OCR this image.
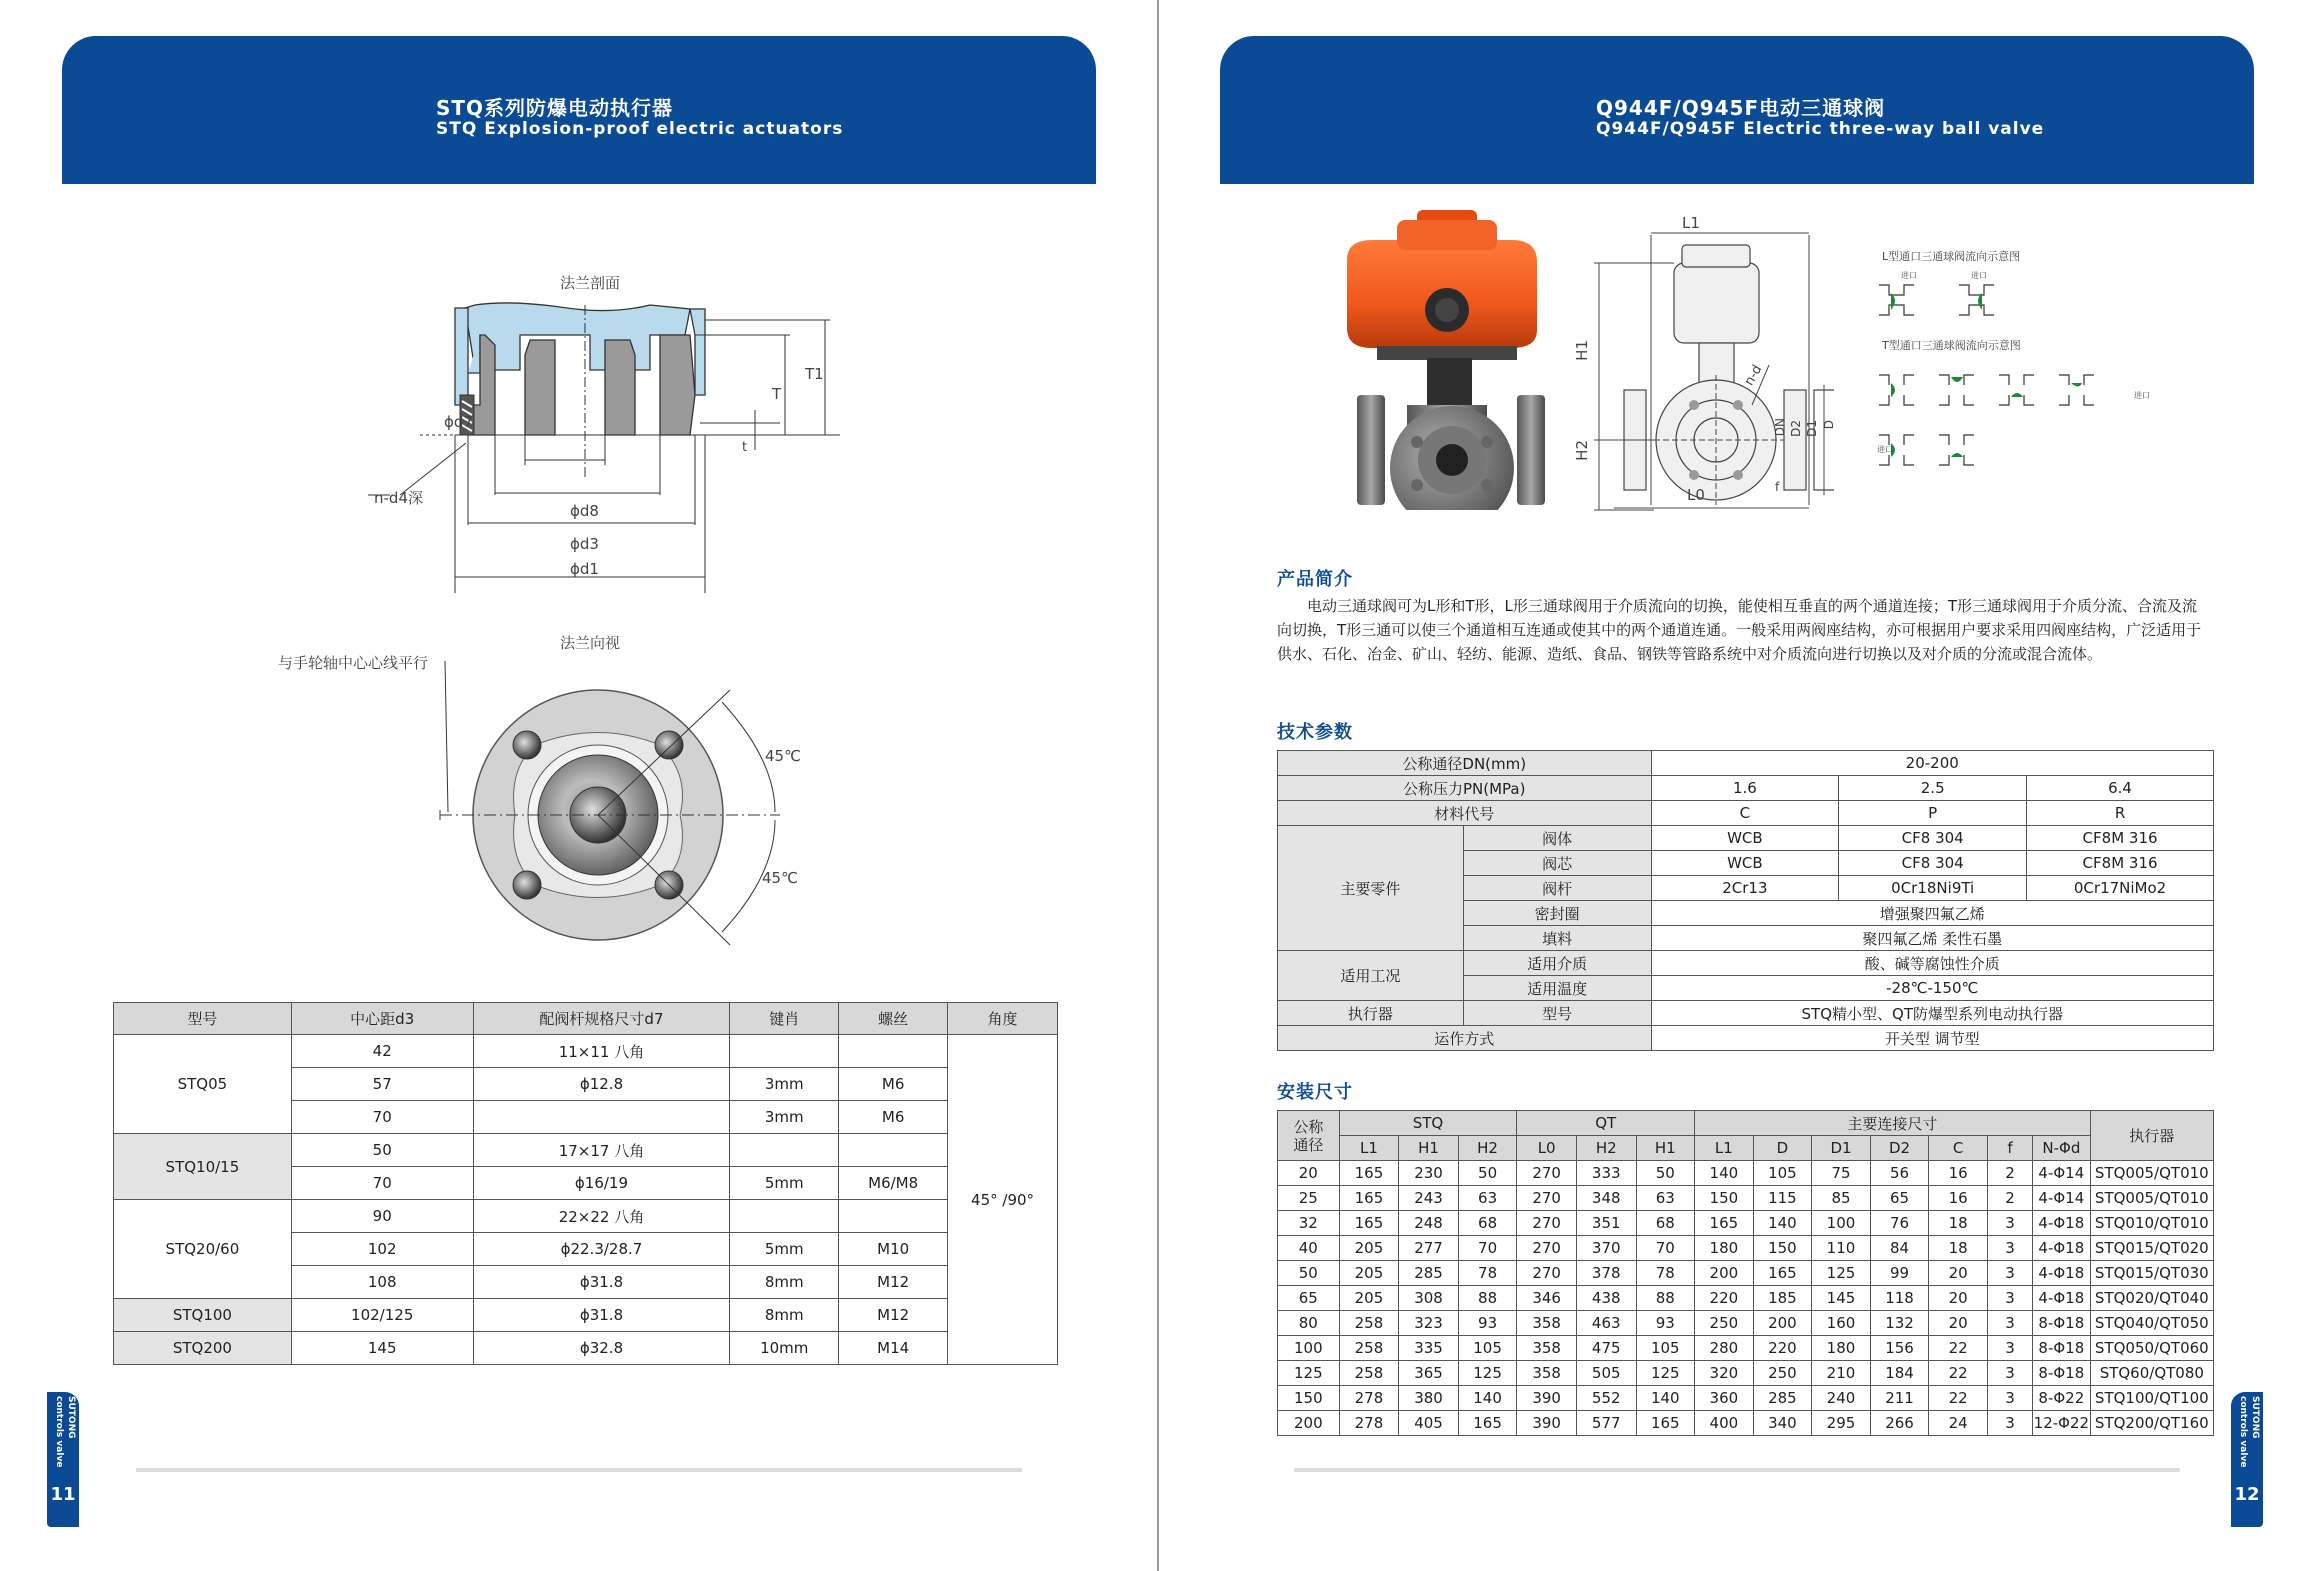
STQ系列防爆电动执行器
STQ Explosion-proof electric actuators
法兰剖面
ϕd7
ϕd8
ϕd3
ϕd1
n-d4深
t
T
T1
法兰向视
与手轮轴中心心线平行
45℃
45℃
型号	中心距d3	配阀杆规格尺寸d7	键肖	螺丝	角度
STQ05	42	11×11 八角			45° /90°
	57	ϕ12.8	3mm	M6	
	70		3mm	M6	
STQ10/15	50	17×17 八角			
	70	ϕ16/19	5mm	M6/M8	
STQ20/60	90	22×22 八角			
	102	ϕ22.3/28.7	5mm	M10	
	108	ϕ31.8	8mm	M12	
STQ100	102/125	ϕ31.8	8mm	M12	
STQ200	145	ϕ32.8	10mm	M14	
SUTONG controls valve
11
Q944F/Q945F电动三通球阀
Q944F/Q945F Electric three-way ball valve
L1
L0
H1
H2
n-d
DN D2 D1 D
f
L型通口三通球阀流向示意图
T型通口三通球阀流向示意图
进口	进口
进口
进口
产品简介
电动三通球阀可为L形和T形，L形三通球阀用于介质流向的切换，能使相互垂直的两个通道连接；T形三通球阀用于介质分流、合流及流向切换，T形三通可以使三个通道相互连通或使其中的两个通道连通。一般采用两阀座结构，亦可根据用户要求采用四阀座结构，广泛适用于供水、石化、冶金、矿山、轻纺、能源、造纸、食品、钢铁等管路系统中对介质流向进行切换以及对介质的分流或混合流体。
技术参数
公称通径DN(mm)		20-200		
公称压力PN(MPa)		1.6	2.5	6.4
材料代号		C	P	R
主要零件	阀体	WCB	CF8 304	CF8M 316
	阀芯	WCB	CF8 304	CF8M 316
	阀杆	2Cr13	0Cr18Ni9Ti	0Cr17NiMo2
	密封圈	增强聚四氟乙烯		
	填料	聚四氟乙烯 柔性石墨		
适用工况	适用介质	酸、碱等腐蚀性介质		
	适用温度	-28℃-150℃		
执行器	型号	STQ精小型、QT防爆型系列电动执行器		
运作方式		开关型 调节型		
安装尺寸
公称
通径	STQ			QT			主要连接尺寸							执行器
	L1	H1	H2	L0	H2	H1	L1	D	D1	D2	C	f	N-Φd	
20	165	230	50	270	333	50	140	105	75	56	16	2	4-Φ14	STQ005/QT010
25	165	243	63	270	348	63	150	115	85	65	16	2	4-Φ14	STQ005/QT010
32	165	248	68	270	351	68	165	140	100	76	18	3	4-Φ18	STQ010/QT010
40	205	277	70	270	370	70	180	150	110	84	18	3	4-Φ18	STQ015/QT020
50	205	285	78	270	378	78	200	165	125	99	20	3	4-Φ18	STQ015/QT030
65	205	308	88	346	438	88	220	185	145	118	20	3	4-Φ18	STQ020/QT040
80	258	323	93	358	463	93	250	200	160	132	20	3	8-Φ18	STQ040/QT050
100	258	335	105	358	475	105	280	220	180	156	22	3	8-Φ18	STQ050/QT060
125	258	365	125	358	505	125	320	250	210	184	22	3	8-Φ18	STQ60/QT080
150	278	380	140	390	552	140	360	285	240	211	22	3	8-Φ22	STQ100/QT100
200	278	405	165	390	577	165	400	340	295	266	24	3	12-Φ22	STQ200/QT160	SUTONG controls valve
12
